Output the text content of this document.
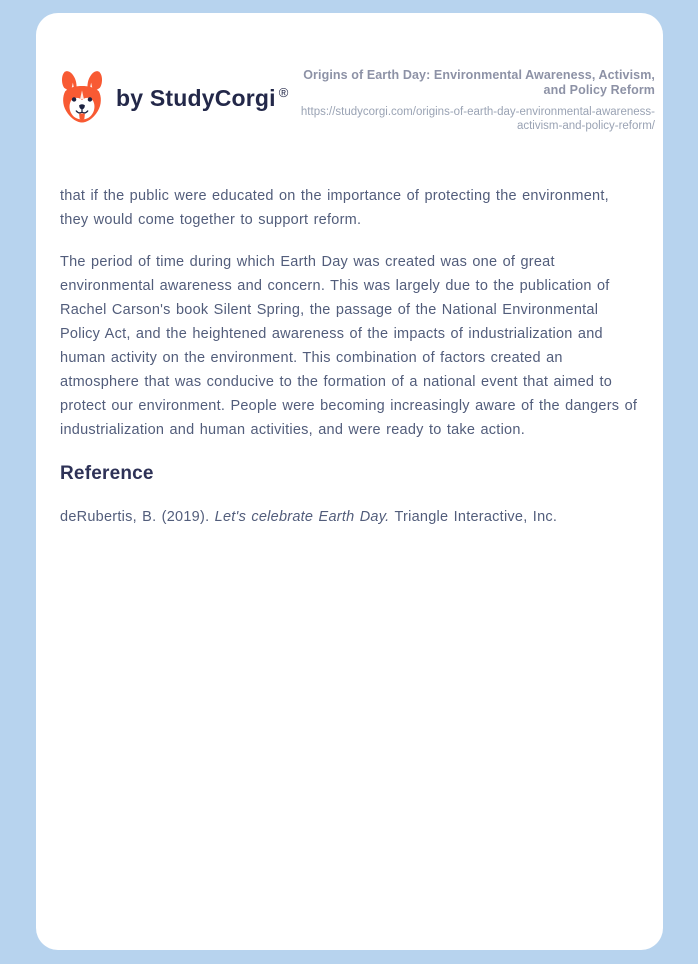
by StudyCorgi ®
Origins of Earth Day: Environmental Awareness, Activism, and Policy Reform
https://studycorgi.com/origins-of-earth-day-environmental-awareness-activism-and-policy-reform/

that if the public were educated on the importance of protecting the environment, they would come together to support reform.

The period of time during which Earth Day was created was one of great environmental awareness and concern. This was largely due to the publication of Rachel Carson's book Silent Spring, the passage of the National Environmental Policy Act, and the heightened awareness of the impacts of industrialization and human activity on the environment. This combination of factors created an atmosphere that was conducive to the formation of a national event that aimed to protect our environment. People were becoming increasingly aware of the dangers of industrialization and human activities, and were ready to take action.

Reference

deRubertis, B. (2019). Let's celebrate Earth Day. Triangle Interactive, Inc.
